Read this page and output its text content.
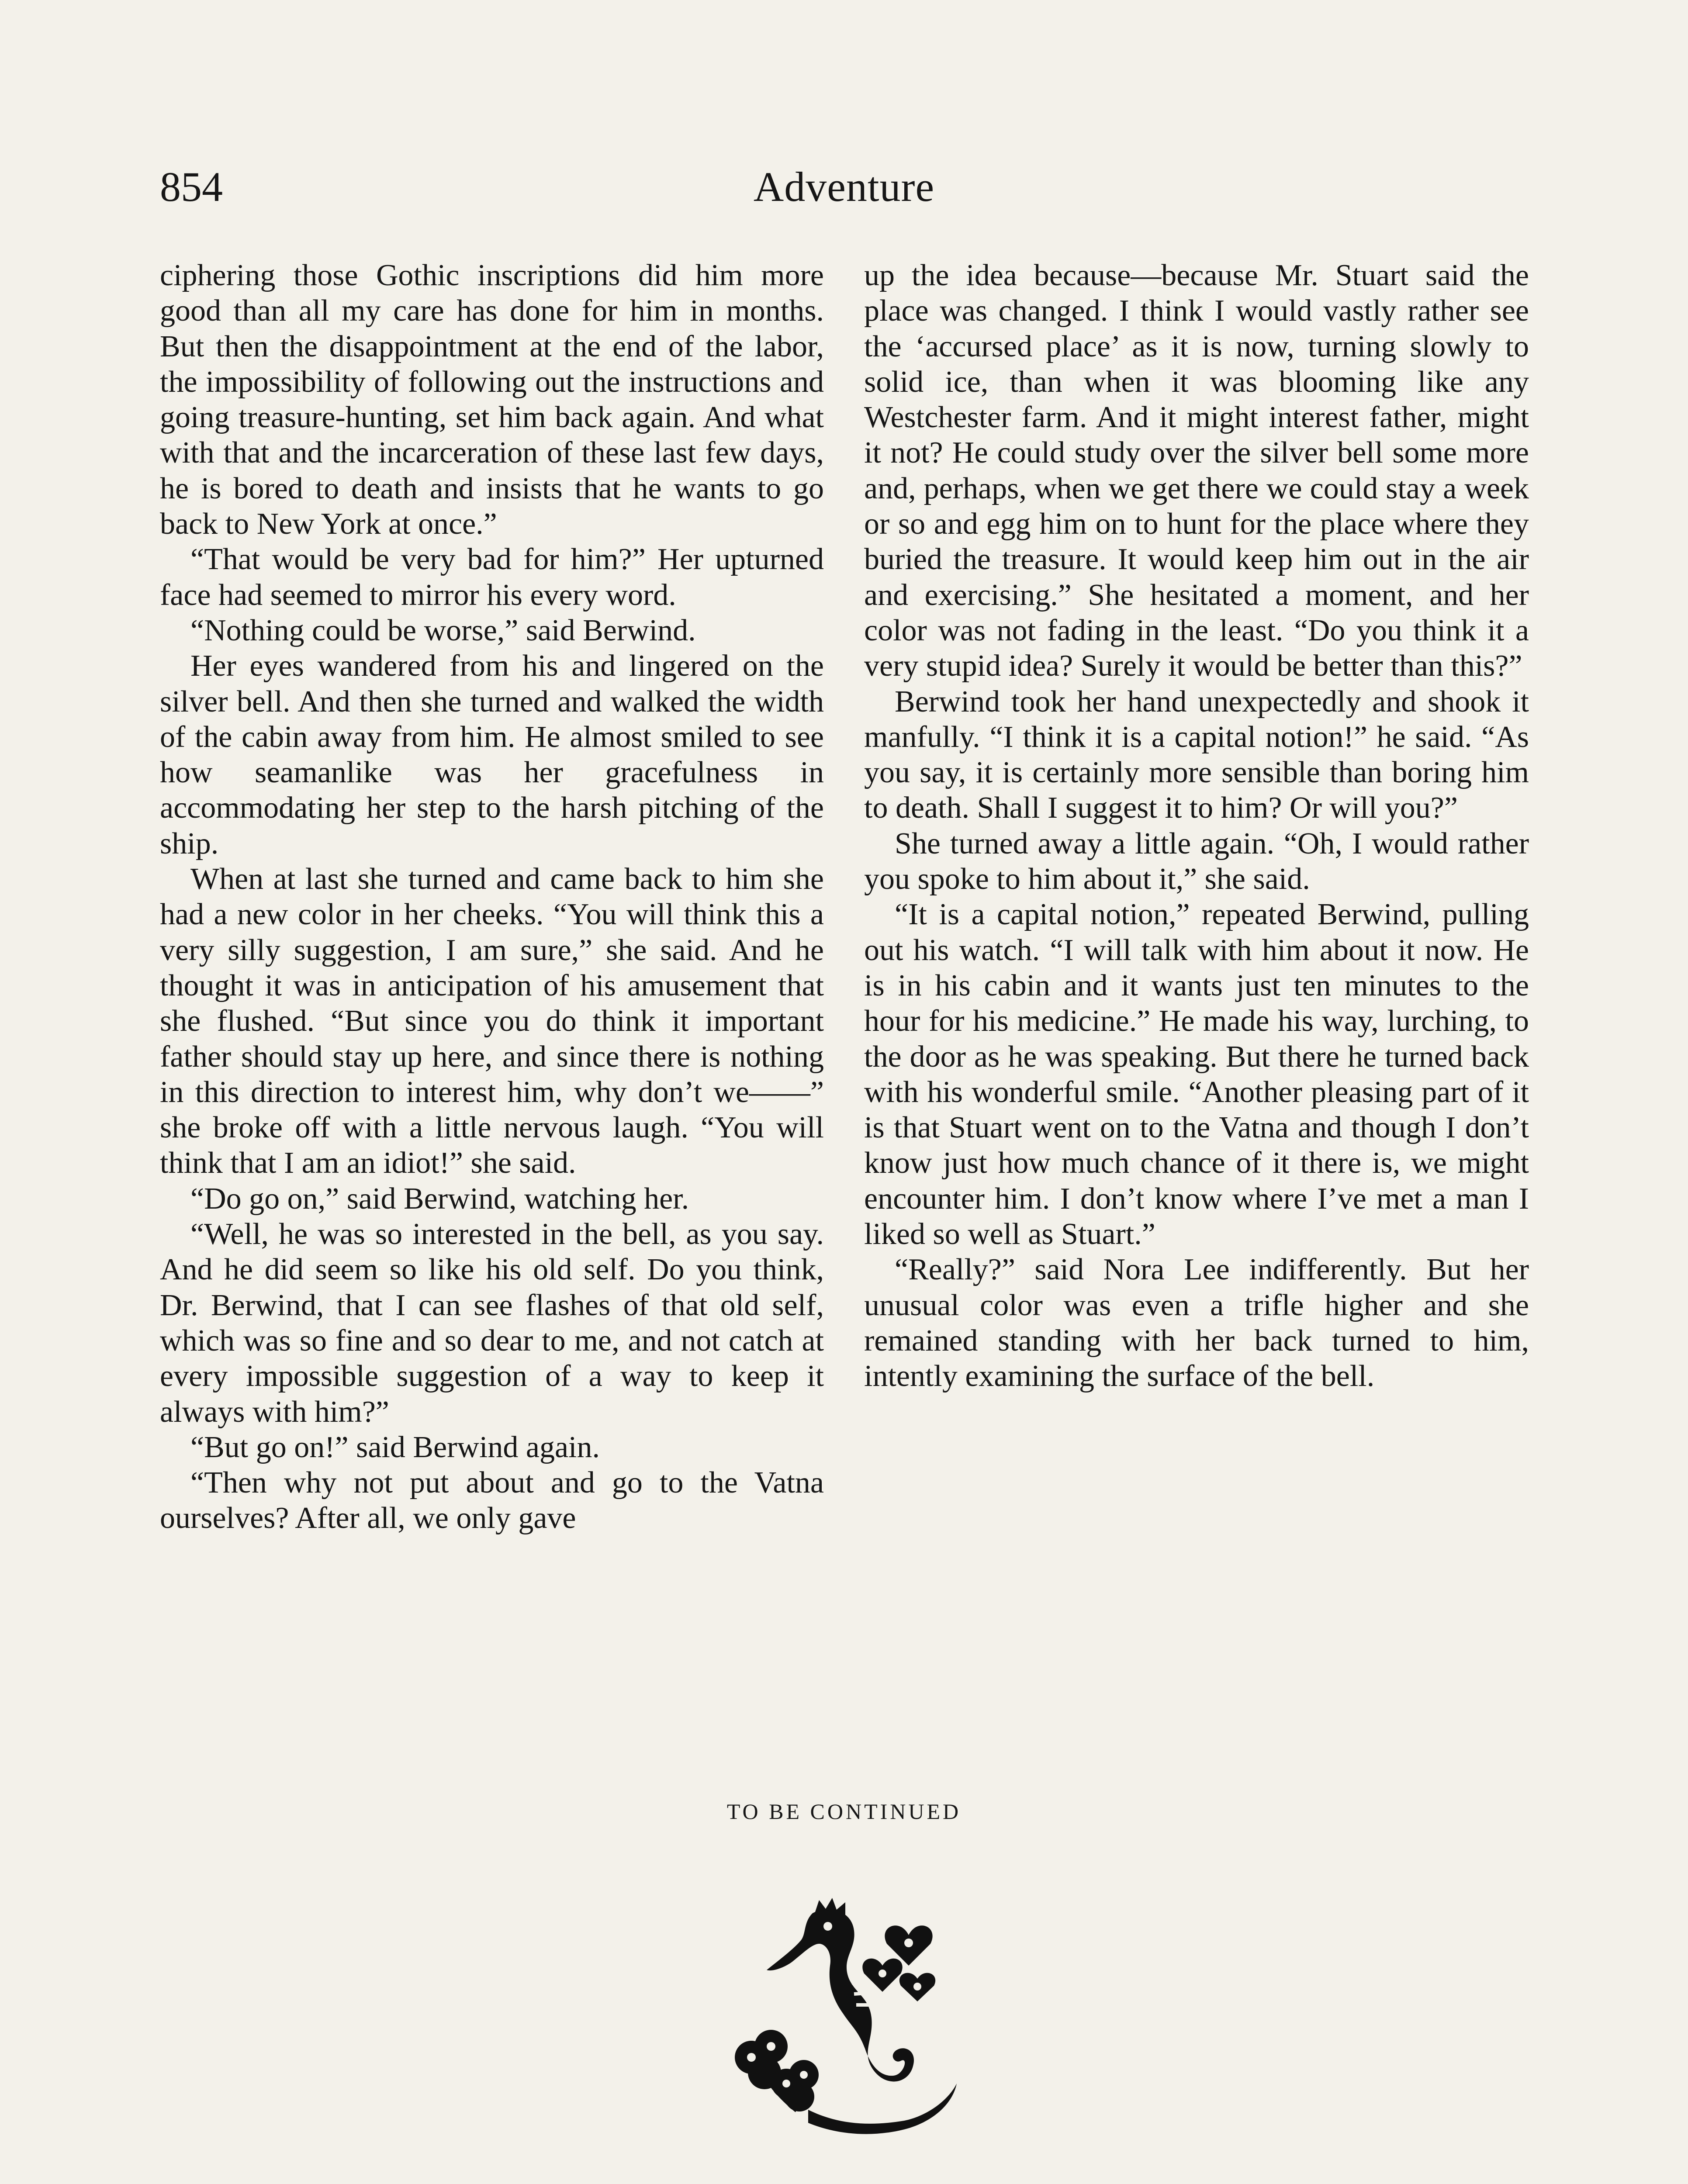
854	Adventure

ciphering those Gothic inscriptions did him more good than all my care has done for him in months. But then the disappointment at the end of the labor, the impossibility of following out the instructions and going treasure-hunting, set him back again. And what with that and the incarceration of these last few days, he is bored to death and insists that he wants to go back to New York at once.”

“That would be very bad for him?” Her upturned face had seemed to mirror his every word.

“Nothing could be worse,” said Berwind.

Her eyes wandered from his and lingered on the silver bell. And then she turned and walked the width of the cabin away from him. He almost smiled to see how seamanlike was her gracefulness in accommodating her step to the harsh pitching of the ship.

When at last she turned and came back to him she had a new color in her cheeks. “You will think this a very silly suggestion, I am sure,” she said. And he thought it was in anticipation of his amusement that she flushed. “But since you do think it important father should stay up here, and since there is nothing in this direction to interest him, why don’t we——” she broke off with a little nervous laugh. “You will think that I am an idiot!” she said.

“Do go on,” said Berwind, watching her.

“Well, he was so interested in the bell, as you say. And he did seem so like his old self. Do you think, Dr. Berwind, that I can see flashes of that old self, which was so fine and so dear to me, and not catch at every impossible suggestion of a way to keep it always with him?”

“But go on!” said Berwind again.

“Then why not put about and go to the Vatna ourselves? After all, we only gave

up the idea because—because Mr. Stuart said the place was changed. I think I would vastly rather see the ‘accursed place’ as it is now, turning slowly to solid ice, than when it was blooming like any Westchester farm. And it might interest father, might it not? He could study over the silver bell some more and, perhaps, when we get there we could stay a week or so and egg him on to hunt for the place where they buried the treasure. It would keep him out in the air and exercising.” She hesitated a moment, and her color was not fading in the least. “Do you think it a very stupid idea? Surely it would be better than this?”

Berwind took her hand unexpectedly and shook it manfully. “I think it is a capital notion!” he said. “As you say, it is certainly more sensible than boring him to death. Shall I suggest it to him? Or will you?”

She turned away a little again. “Oh, I would rather you spoke to him about it,” she said.

“It is a capital notion,” repeated Berwind, pulling out his watch. “I will talk with him about it now. He is in his cabin and it wants just ten minutes to the hour for his medicine.” He made his way, lurching, to the door as he was speaking. But there he turned back with his wonderful smile. “Another pleasing part of it is that Stuart went on to the Vatna and though I don’t know just how much chance of it there is, we might encounter him. I don’t know where I’ve met a man I liked so well as Stuart.”

“Really?” said Nora Lee indifferently. But her unusual color was even a trifle higher and she remained standing with her back turned to him, intently examining the surface of the bell.

TO BE CONTINUED
